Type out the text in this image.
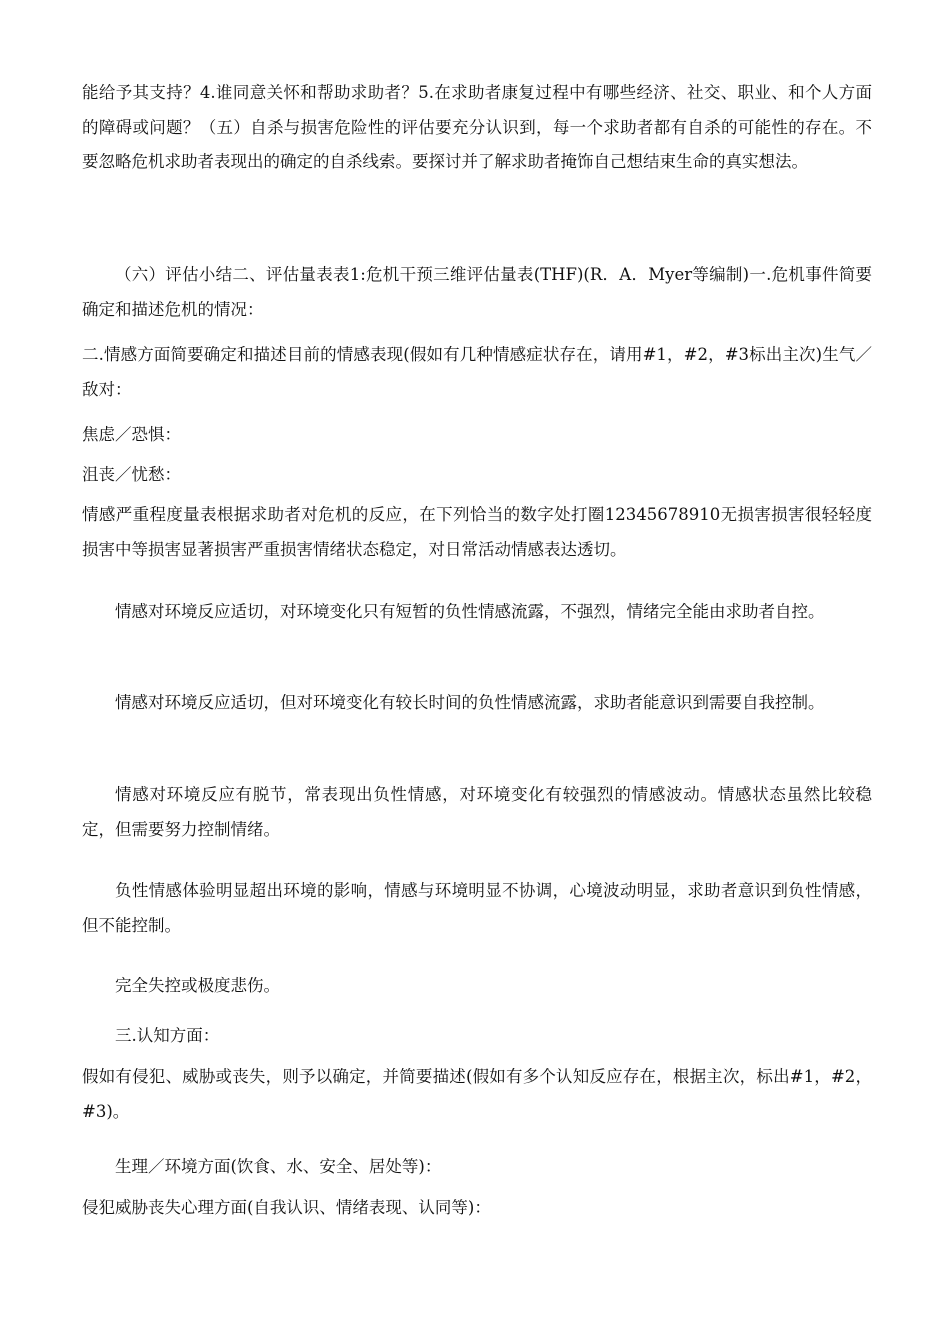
能给予其支持？4.谁同意关怀和帮助求助者？5.在求助者康复过程中有哪些经济、社交、职业、和个人方面的障碍或问题？（五）自杀与损害危险性的评估要充分认识到，每一个求助者都有自杀的可能性的存在。不要忽略危机求助者表现出的确定的自杀线索。要探讨并了解求助者掩饰自己想结束生命的真实想法。

（六）评估小结二、评估量表表1:危机干预三维评估量表(THF)(R．A．Myer等编制)一.危机事件简要确定和描述危机的情况：

二.情感方面简要确定和描述目前的情感表现(假如有几种情感症状存在，请用#1，#2，#3标出主次)生气／敌对：

焦虑／恐惧：

沮丧／忧愁：

情感严重程度量表根据求助者对危机的反应，在下列恰当的数字处打圈12345678910无损害损害很轻轻度损害中等损害显著损害严重损害情绪状态稳定，对日常活动情感表达透切。

情感对环境反应适切，对环境变化只有短暂的负性情感流露，不强烈，情绪完全能由求助者自控。

情感对环境反应适切，但对环境变化有较长时间的负性情感流露，求助者能意识到需要自我控制。

情感对环境反应有脱节，常表现出负性情感，对环境变化有较强烈的情感波动。情感状态虽然比较稳定，但需要努力控制情绪。

负性情感体验明显超出环境的影响，情感与环境明显不协调，心境波动明显，求助者意识到负性情感，但不能控制。

完全失控或极度悲伤。

三.认知方面：

假如有侵犯、威胁或丧失，则予以确定，并简要描述(假如有多个认知反应存在，根据主次，标出#1，#2，#3)。

生理／环境方面(饮食、水、安全、居处等)：

侵犯威胁丧失心理方面(自我认识、情绪表现、认同等)：
